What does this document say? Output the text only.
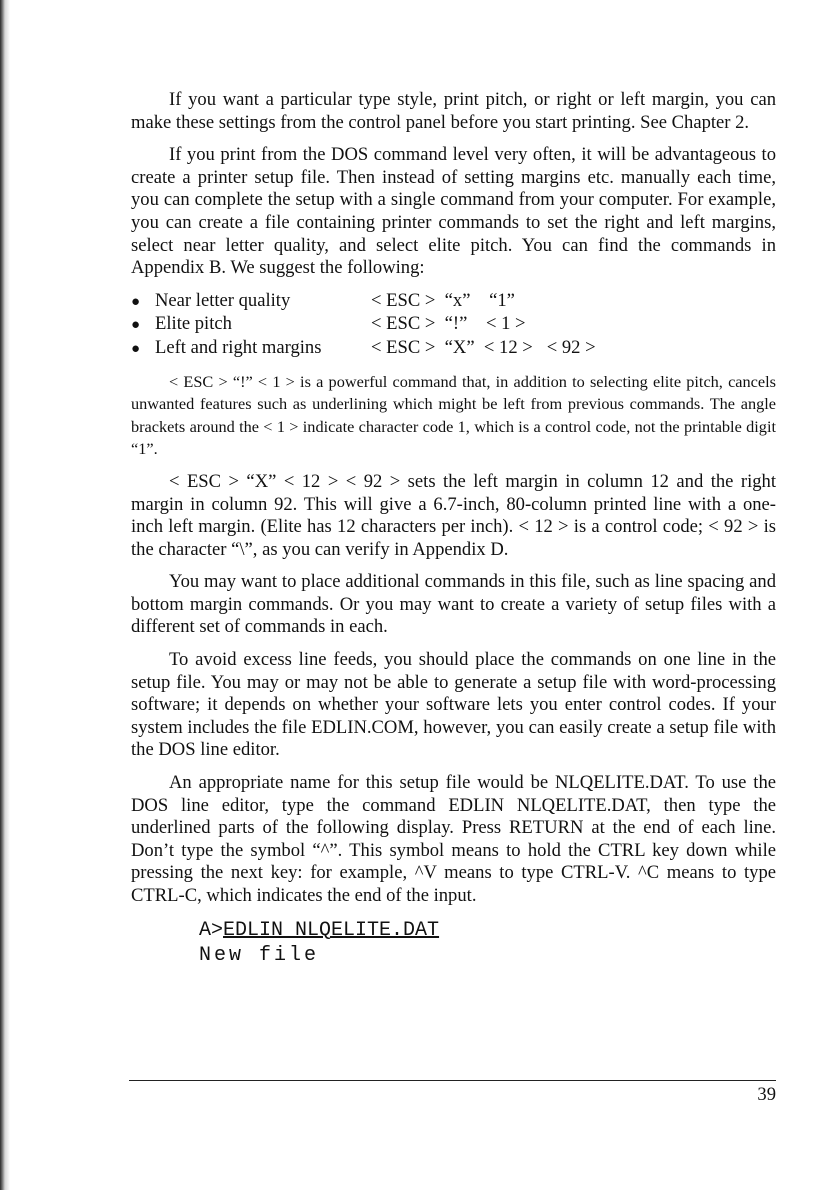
If you want a particular type style, print pitch, or right or left margin, you can make these settings from the control panel before you start printing. See Chapter 2.

If you print from the DOS command level very often, it will be advantageous to create a printer setup file. Then instead of setting margins etc. manually each time, you can complete the setup with a single command from your computer. For example, you can create a file containing printer commands to set the right and left margins, select near letter quality, and select elite pitch. You can find the commands in Appendix B. We suggest the following:

● Near letter quality	< ESC >  “x”    “1”
● Elite pitch	< ESC >  “!”    < 1 >
● Left and right margins	< ESC >  “X”  < 12 >   < 92 >

< ESC > “!” < 1 > is a powerful command that, in addition to selecting elite pitch, cancels unwanted features such as underlining which might be left from previous commands. The angle brackets around the < 1 > indicate character code 1, which is a control code, not the printable digit “1”.

< ESC > “X” < 12 > < 92 > sets the left margin in column 12 and the right margin in column 92. This will give a 6.7-inch, 80-column printed line with a one-inch left margin. (Elite has 12 characters per inch). < 12 > is a control code; < 92 > is the character “\”, as you can verify in Appendix D.

You may want to place additional commands in this file, such as line spacing and bottom margin commands. Or you may want to create a variety of setup files with a different set of commands in each.

To avoid excess line feeds, you should place the commands on one line in the setup file. You may or may not be able to generate a setup file with word-processing software; it depends on whether your software lets you enter control codes. If your system includes the file EDLIN.COM, however, you can easily create a setup file with the DOS line editor.

An appropriate name for this setup file would be NLQELITE.DAT. To use the DOS line editor, type the command EDLIN NLQELITE.DAT, then type the underlined parts of the following display. Press RETURN at the end of each line. Don’t type the symbol “^”. This symbol means to hold the CTRL key down while pressing the next key: for example, ^V means to type CTRL-V. ^C means to type CTRL-C, which indicates the end of the input.

A>EDLIN NLQELITE.DAT
New file
39
